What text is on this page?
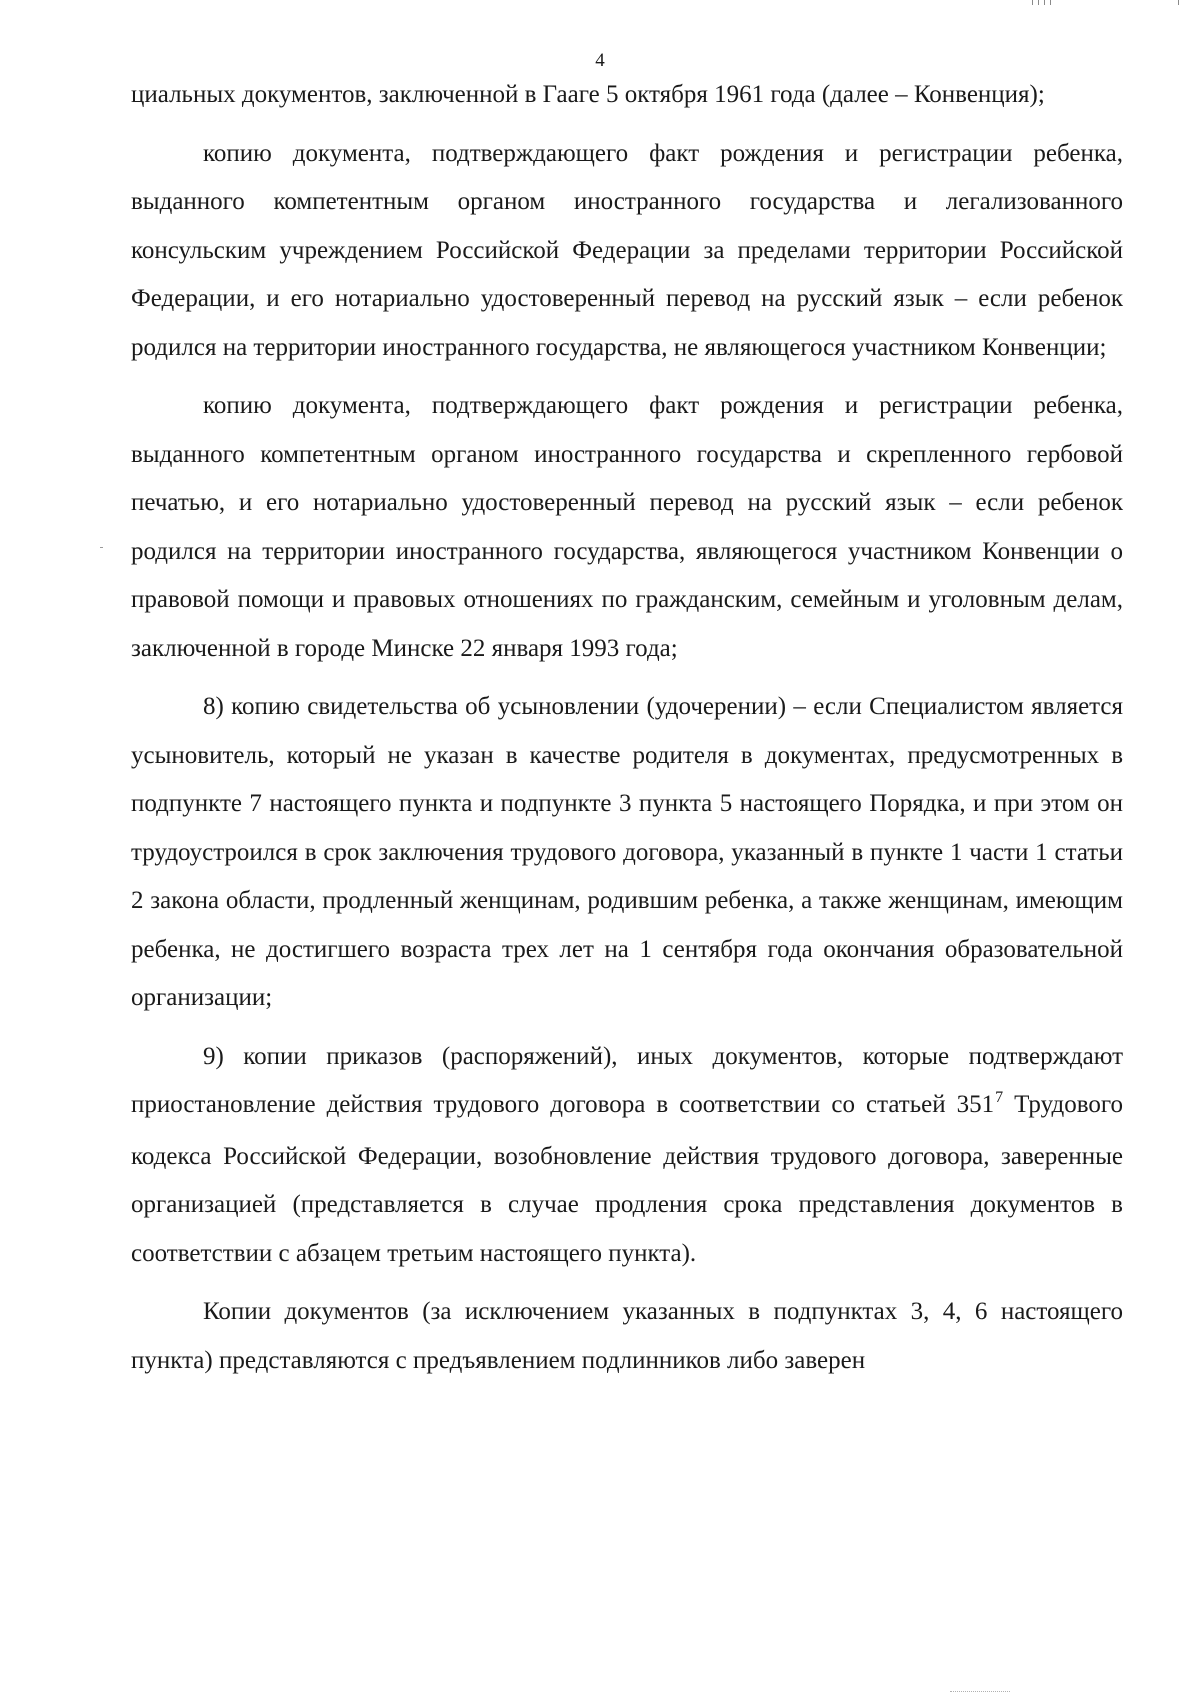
4

циальных документов, заключенной в Гааге 5 октября 1961 года (далее – Конвенция);

копию документа, подтверждающего факт рождения и регистрации ребенка, выданного компетентным органом иностранного государства и легализованного консульским учреждением Российской Федерации за пределами территории Российской Федерации, и его нотариально удостоверенный перевод на русский язык – если ребенок родился на территории иностранного государства, не являющегося участником Конвенции;

копию документа, подтверждающего факт рождения и регистрации ребенка, выданного компетентным органом иностранного государства и скрепленного гербовой печатью, и его нотариально удостоверенный перевод на русский язык – если ребенок родился на территории иностранного государства, являющегося участником Конвенции о правовой помощи и правовых отношениях по гражданским, семейным и уголовным делам, заключенной в городе Минске 22 января 1993 года;

8) копию свидетельства об усыновлении (удочерении) – если Специалистом является усыновитель, который не указан в качестве родителя в документах, предусмотренных в подпункте 7 настоящего пункта и подпункте 3 пункта 5 настоящего Порядка, и при этом он трудоустроился в срок заключения трудового договора, указанный в пункте 1 части 1 статьи 2 закона области, продленный женщинам, родившим ребенка, а также женщинам, имеющим ребенка, не достигшего возраста трех лет на 1 сентября года окончания образовательной организации;

9) копии приказов (распоряжений), иных документов, которые подтверждают приостановление действия трудового договора в соответствии со статьей 351$^7$ Трудового кодекса Российской Федерации, возобновление действия трудового договора, заверенные организацией (представляется в случае продления срока представления документов в соответствии с абзацем третьим настоящего пункта).

Копии документов (за исключением указанных в подпунктах 3, 4, 6 настоящего пункта) представляются с предъявлением подлинников либо заверен
